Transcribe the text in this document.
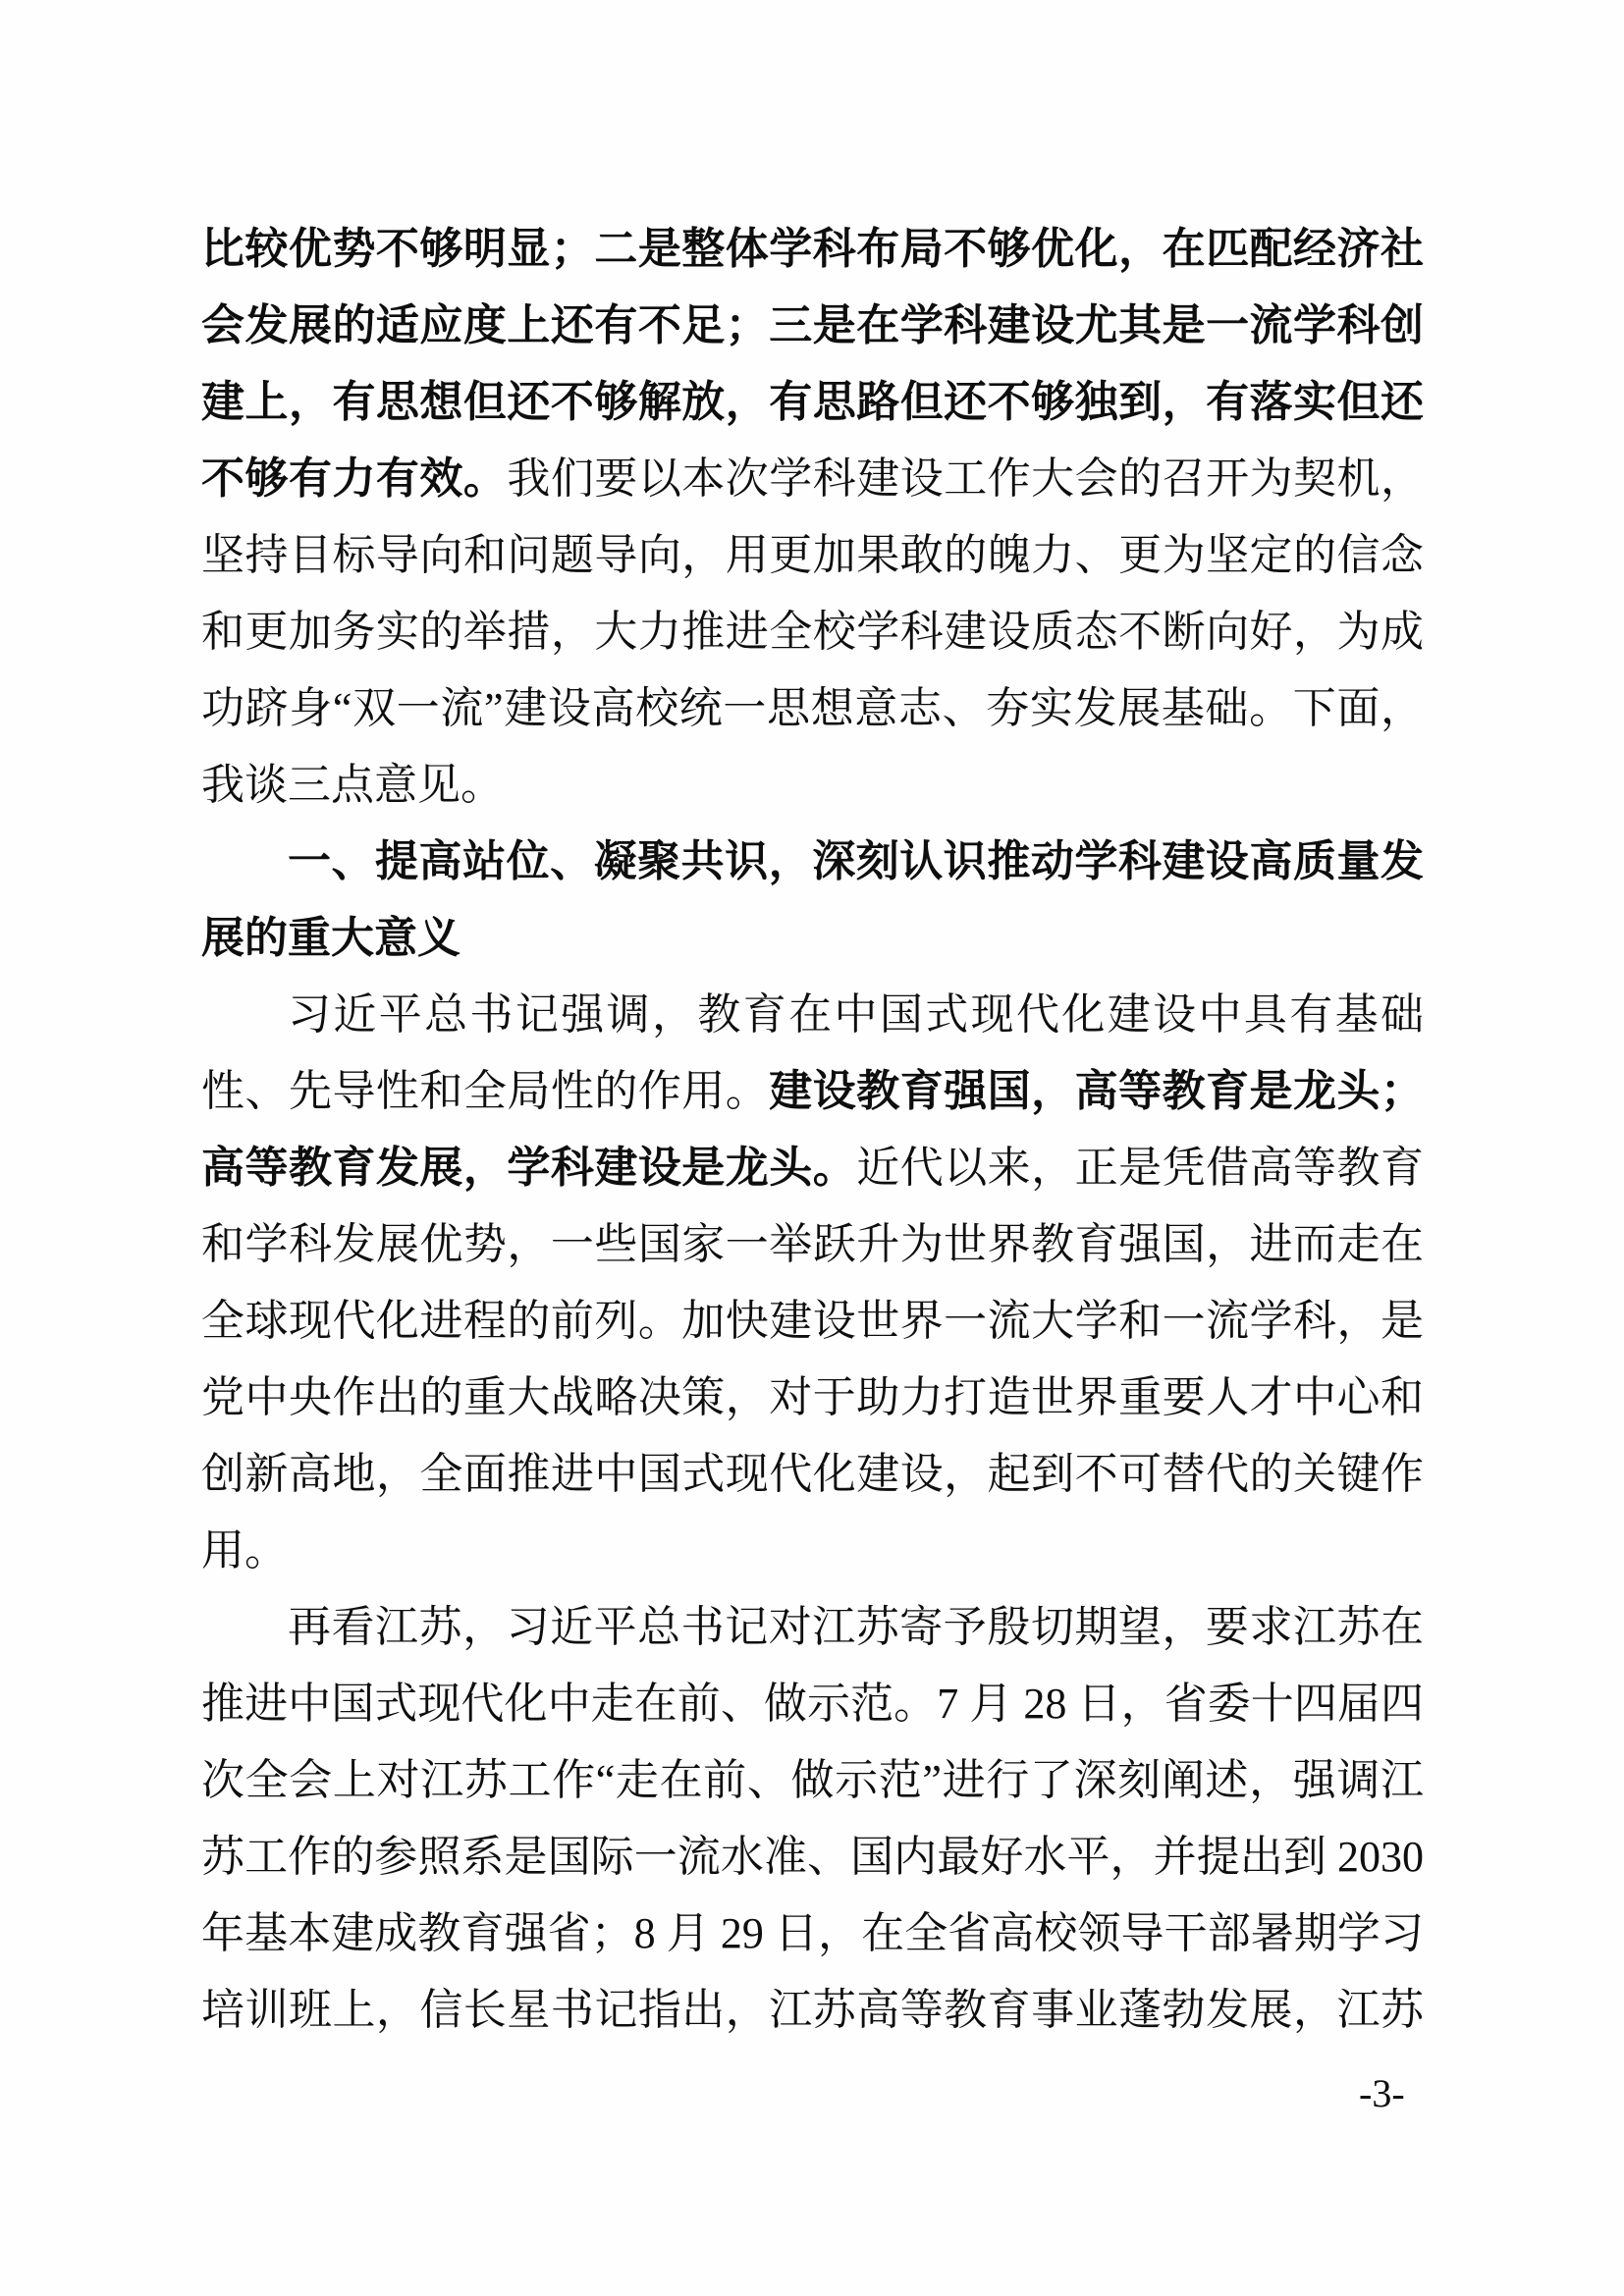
比较优势不够明显；二是整体学科布局不够优化，在匹配经济社
会发展的适应度上还有不足；三是在学科建设尤其是一流学科创
建上，有思想但还不够解放，有思路但还不够独到，有落实但还
不够有力有效。我们要以本次学科建设工作大会的召开为契机，
坚持目标导向和问题导向，用更加果敢的魄力、更为坚定的信念
和更加务实的举措，大力推进全校学科建设质态不断向好，为成
功跻身“双一流”建设高校统一思想意志、夯实发展基础。下面，
我谈三点意见。
一、提高站位、凝聚共识，深刻认识推动学科建设高质量发
展的重大意义
习近平总书记强调，教育在中国式现代化建设中具有基础
性、先导性和全局性的作用。建设教育强国，高等教育是龙头；
高等教育发展，学科建设是龙头。近代以来，正是凭借高等教育
和学科发展优势，一些国家一举跃升为世界教育强国，进而走在
全球现代化进程的前列。加快建设世界一流大学和一流学科，是
党中央作出的重大战略决策，对于助力打造世界重要人才中心和
创新高地，全面推进中国式现代化建设，起到不可替代的关键作
用。
再看江苏，习近平总书记对江苏寄予殷切期望，要求江苏在
推进中国式现代化中走在前、做示范。7 月 28 日，省委十四届四
次全会上对江苏工作“走在前、做示范”进行了深刻阐述，强调江
苏工作的参照系是国际一流水准、国内最好水平，并提出到 2030
年基本建成教育强省；8 月 29 日，在全省高校领导干部暑期学习
培训班上，信长星书记指出，江苏高等教育事业蓬勃发展，江苏
-3-
